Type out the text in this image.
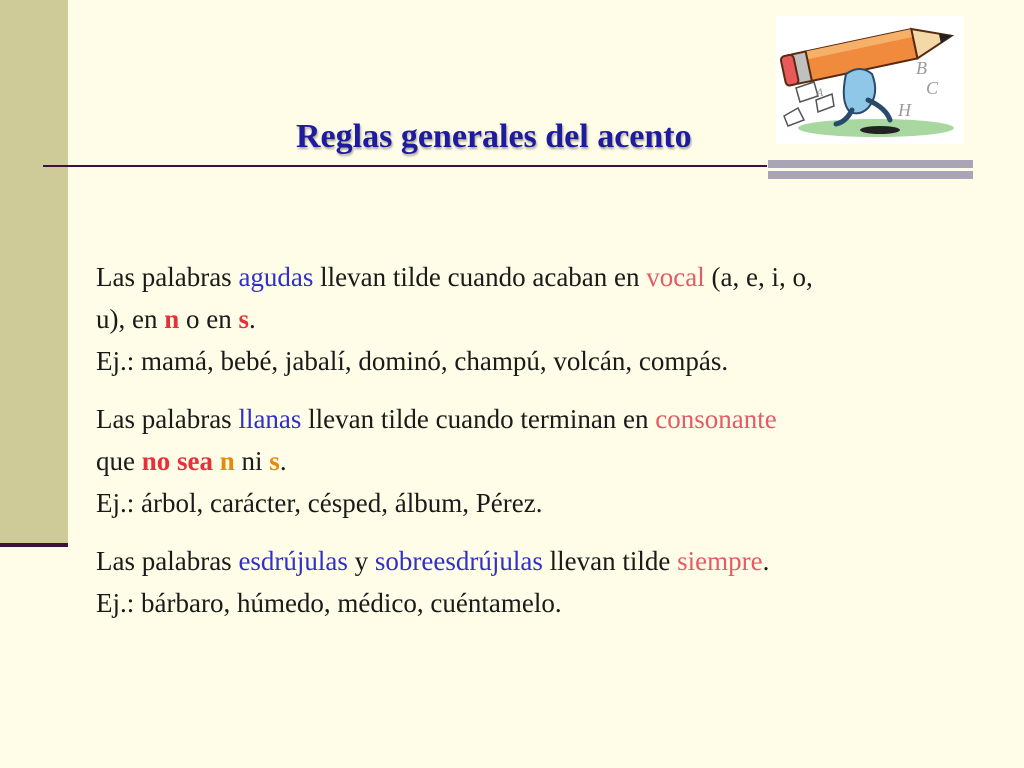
Reglas generales del acento
A
B
C
H

Las palabras agudas llevan tilde cuando acaban en vocal (a, e, i, o,

u), en n o en s.

Ej.: mamá, bebé, jabalí, dominó, champú, volcán, compás.

Las palabras llanas llevan tilde cuando terminan en consonante

que no sea n ni s.

Ej.: árbol, carácter, césped, álbum, Pérez.

Las palabras esdrújulas y sobreesdrújulas llevan tilde siempre.

Ej.: bárbaro, húmedo, médico, cuéntamelo.
